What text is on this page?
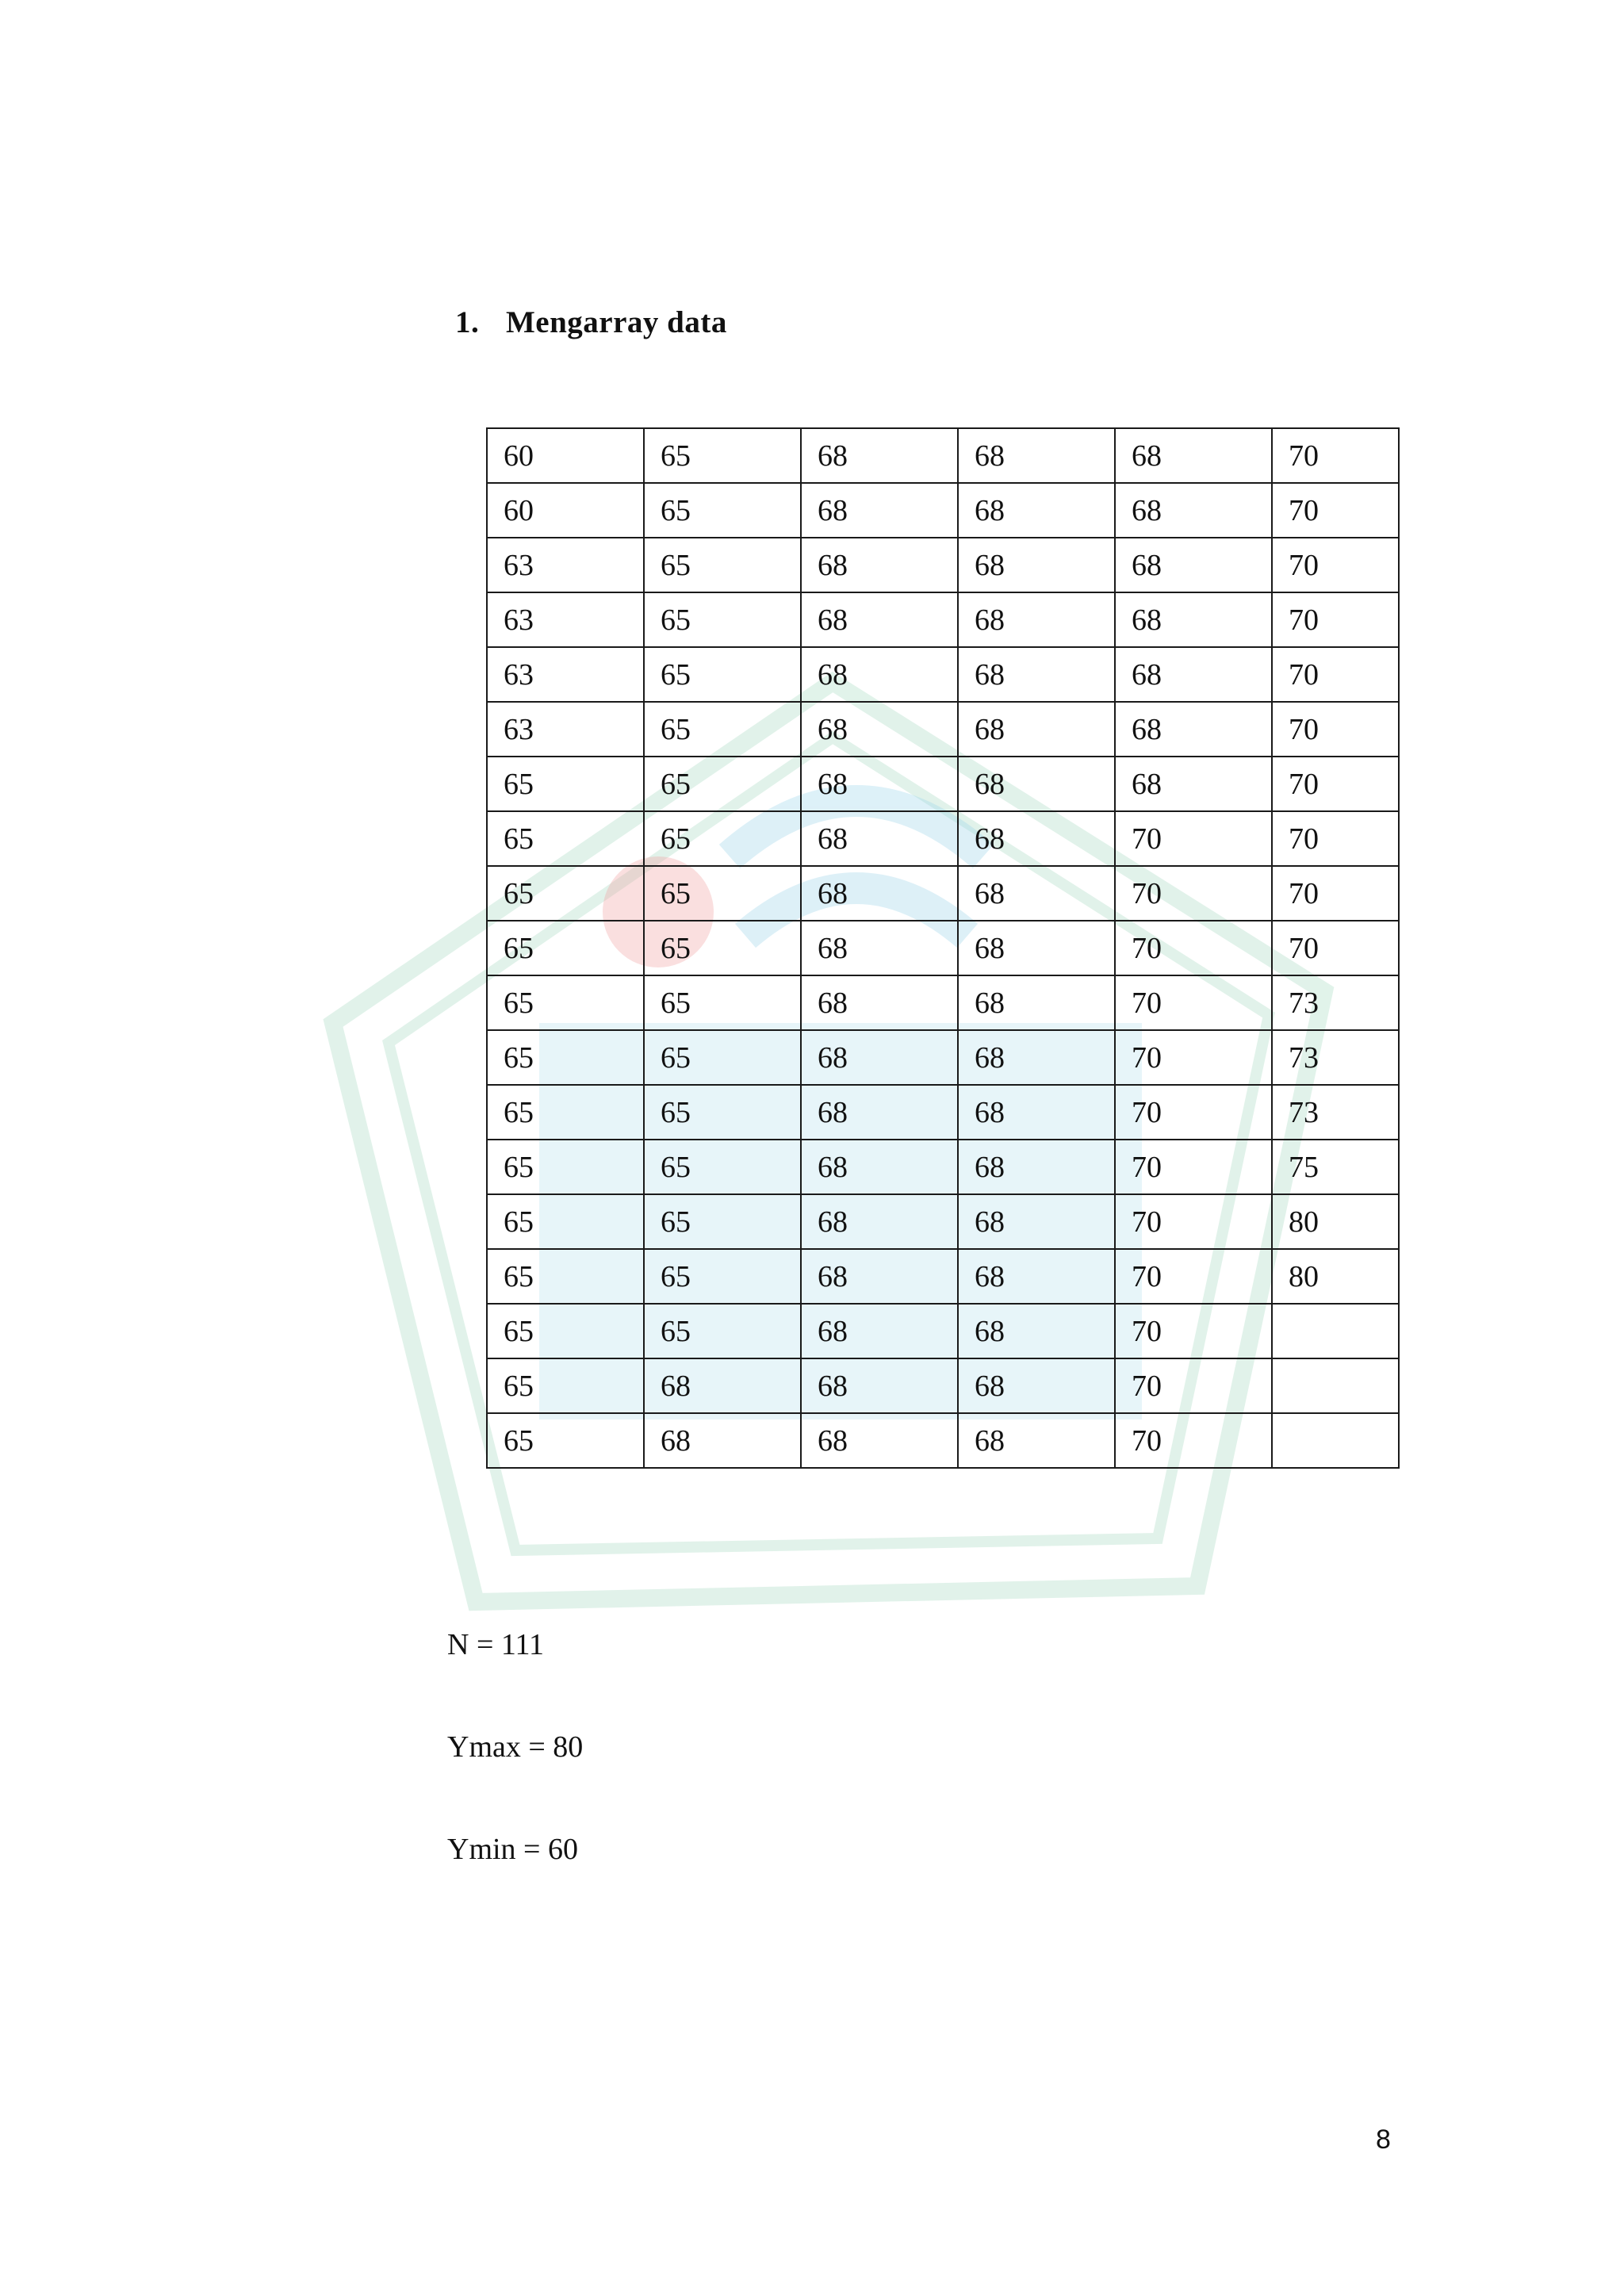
1. Mengarray data
60	65	68	68	68	70
60	65	68	68	68	70
63	65	68	68	68	70
63	65	68	68	68	70
63	65	68	68	68	70
63	65	68	68	68	70
65	65	68	68	68	70
65	65	68	68	70	70
65	65	68	68	70	70
65	65	68	68	70	70
65	65	68	68	70	73
65	65	68	68	70	73
65	65	68	68	70	73
65	65	68	68	70	75
65	65	68	68	70	80
65	65	68	68	70	80
65	65	68	68	70	
65	68	68	68	70	
65	68	68	68	70	
N = 111
Ymax = 80
Ymin = 60
8
